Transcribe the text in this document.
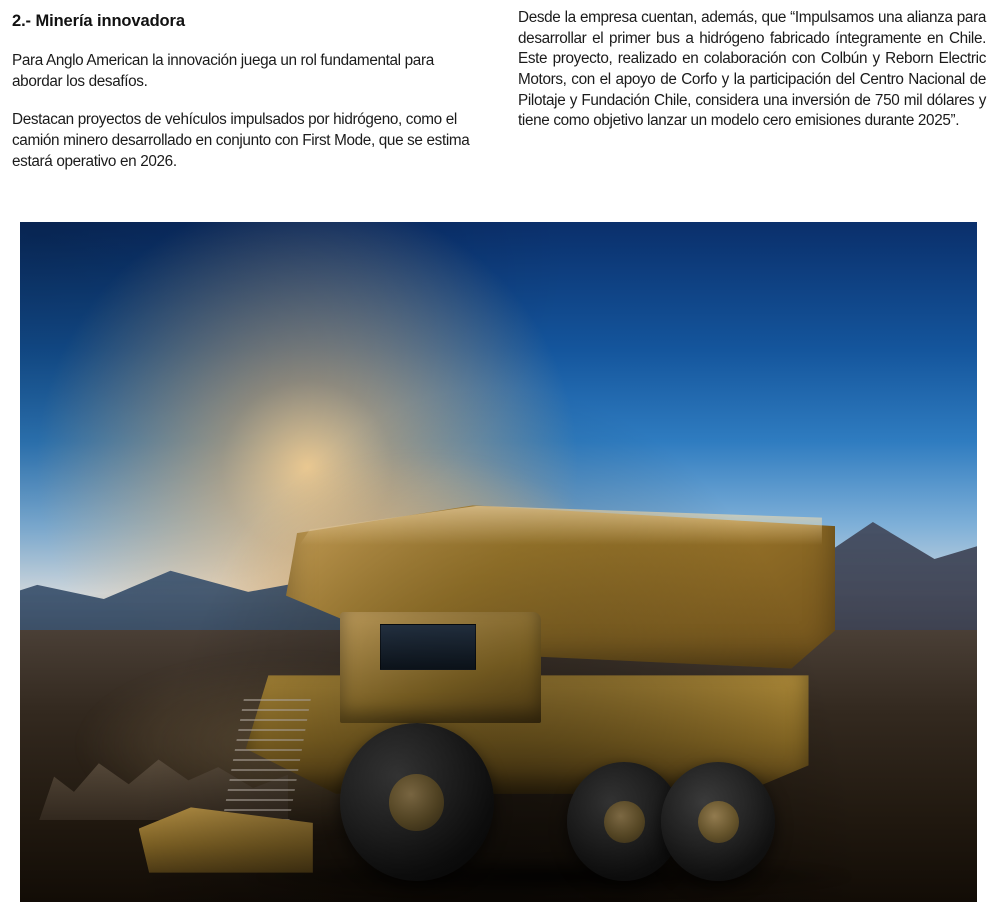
2.- Minería innovadora

Para Anglo American la innovación juega un rol fundamental para abordar los desafíos.

Destacan proyectos de vehículos impulsados por hidrógeno, como el camión minero desarrollado en conjunto con First Mode, que se estima estará operativo en 2026.

Desde la empresa cuentan, además, que “Impulsamos una alianza para desarrollar el primer bus a hidrógeno fabricado íntegramente en Chile. Este proyecto, realizado en colaboración con Colbún y Reborn Electric Motors, con el apoyo de Corfo y la participación del Centro Nacional de Pilotaje y Fundación Chile, considera una inversión de 750 mil dólares y tiene como objetivo lanzar un modelo cero emisiones durante 2025”.
